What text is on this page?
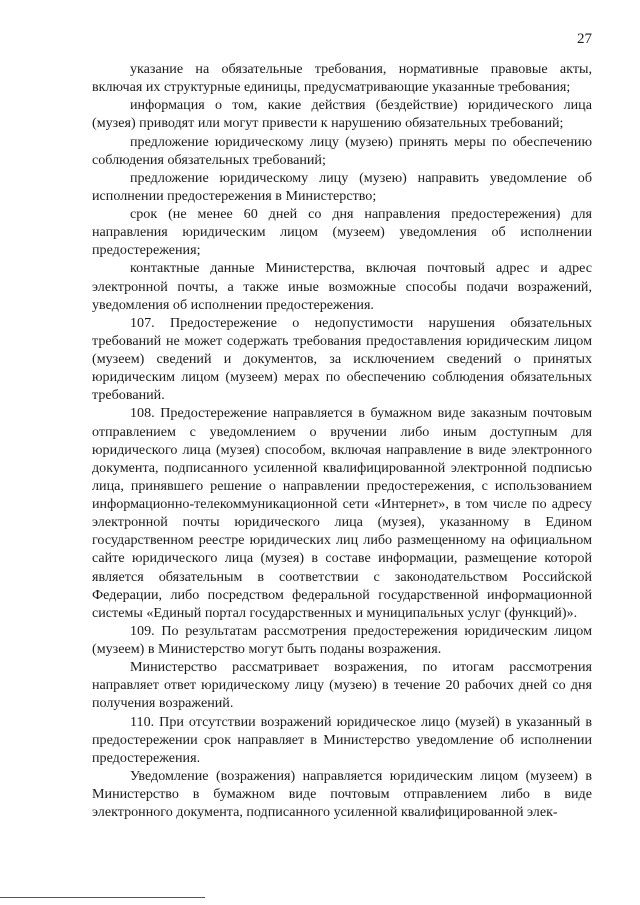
27

указание на обязательные требования, нормативные правовые акты, включая их структурные единицы, предусматривающие указанные требования;

информация о том, какие действия (бездействие) юридического лица (музея) приводят или могут привести к нарушению обязательных требований;

предложение юридическому лицу (музею) принять меры по обеспечению соблюдения обязательных требований;

предложение юридическому лицу (музею) направить уведомление об исполнении предостережения в Министерство;

срок (не менее 60 дней со дня направления предостережения) для направления юридическим лицом (музеем) уведомления об исполнении предостережения;

контактные данные Министерства, включая почтовый адрес и адрес электронной почты, а также иные возможные способы подачи возражений, уведомления об исполнении предостережения.

107. Предостережение о недопустимости нарушения обязательных требований не может содержать требования предоставления юридическим лицом (музеем) сведений и документов, за исключением сведений о принятых юридическим лицом (музеем) мерах по обеспечению соблюдения обязательных требований.

108. Предостережение направляется в бумажном виде заказным почтовым отправлением с уведомлением о вручении либо иным доступным для юридического лица (музея) способом, включая направление в виде электронного документа, подписанного усиленной квалифицированной электронной подписью лица, принявшего решение о направлении предостережения, с использованием информационно-телекоммуникационной сети «Интернет», в том числе по адресу электронной почты юридического лица (музея), указанному в Едином государственном реестре юридических лиц либо размещенному на официальном сайте юридического лица (музея) в составе информации, размещение которой является обязательным в соответствии с законодательством Российской Федерации, либо посредством федеральной государственной информационной системы «Единый портал государственных и муниципальных услуг (функций)».

109. По результатам рассмотрения предостережения юридическим лицом (музеем) в Министерство могут быть поданы возражения.

Министерство рассматривает возражения, по итогам рассмотрения направляет ответ юридическому лицу (музею) в течение 20 рабочих дней со дня получения возражений.

110. При отсутствии возражений юридическое лицо (музей) в указанный в предостережении срок направляет в Министерство уведомление об исполнении предостережения.

Уведомление (возражения) направляется юридическим лицом (музеем) в Министерство в бумажном виде почтовым отправлением либо в виде электронного документа, подписанного усиленной квалифицированной элек-
